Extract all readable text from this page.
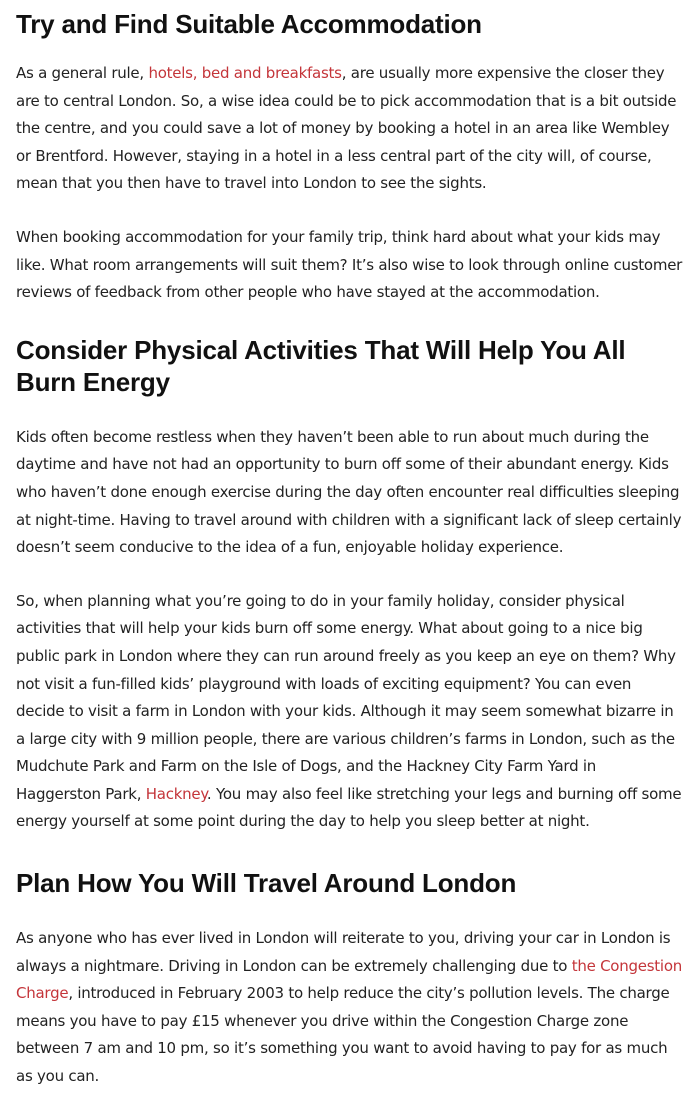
Try and Find Suitable Accommodation

As a general rule, hotels, bed and breakfasts, are usually more expensive the closer they are to central London. So, a wise idea could be to pick accommodation that is a bit outside the centre, and you could save a lot of money by booking a hotel in an area like Wembley or Brentford. However, staying in a hotel in a less central part of the city will, of course, mean that you then have to travel into London to see the sights.

When booking accommodation for your family trip, think hard about what your kids may like. What room arrangements will suit them? It’s also wise to look through online customer reviews of feedback from other people who have stayed at the accommodation.

Consider Physical Activities That Will Help You All Burn Energy

Kids often become restless when they haven’t been able to run about much during the daytime and have not had an opportunity to burn off some of their abundant energy. Kids who haven’t done enough exercise during the day often encounter real difficulties sleeping at night-time. Having to travel around with children with a significant lack of sleep certainly doesn’t seem conducive to the idea of a fun, enjoyable holiday experience.

So, when planning what you’re going to do in your family holiday, consider physical activities that will help your kids burn off some energy. What about going to a nice big public park in London where they can run around freely as you keep an eye on them? Why not visit a fun-filled kids’ playground with loads of exciting equipment? You can even decide to visit a farm in London with your kids. Although it may seem somewhat bizarre in a large city with 9 million people, there are various children’s farms in London, such as the Mudchute Park and Farm on the Isle of Dogs, and the Hackney City Farm Yard in Haggerston Park, Hackney. You may also feel like stretching your legs and burning off some energy yourself at some point during the day to help you sleep better at night.

Plan How You Will Travel Around London

As anyone who has ever lived in London will reiterate to you, driving your car in London is always a nightmare. Driving in London can be extremely challenging due to the Congestion Charge, introduced in February 2003 to help reduce the city’s pollution levels. The charge means you have to pay £15 whenever you drive within the Congestion Charge zone between 7 am and 10 pm, so it’s something you want to avoid having to pay for as much as you can.
